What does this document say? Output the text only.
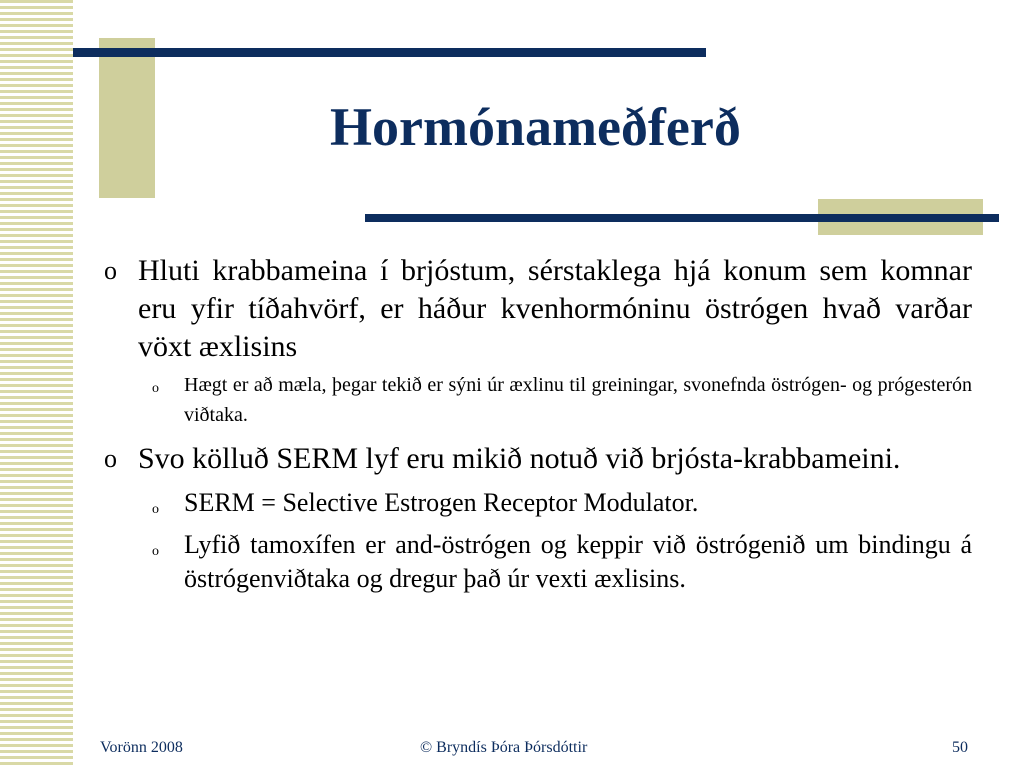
Hormónameðferð
o Hluti krabbameina í brjóstum, sérstaklega hjá konum sem komnar eru yfir tíðahvörf, er háður kvenhormóninu östrógen hvað varðar vöxt æxlisins
o Hægt er að mæla, þegar tekið er sýni úr æxlinu til greiningar, svonefnda östrógen- og prógesterón viðtaka.
o Svo kölluð SERM lyf eru mikið notuð við brjósta-krabbameini.
o SERM = Selective Estrogen Receptor Modulator.
o Lyfið tamoxífen er and-östrógen og keppir við östrógenið um bindingu á östrógenviðtaka og dregur það úr vexti æxlisins.
Vorönn 2008	© Bryndís Þóra Þórsdóttir	50
